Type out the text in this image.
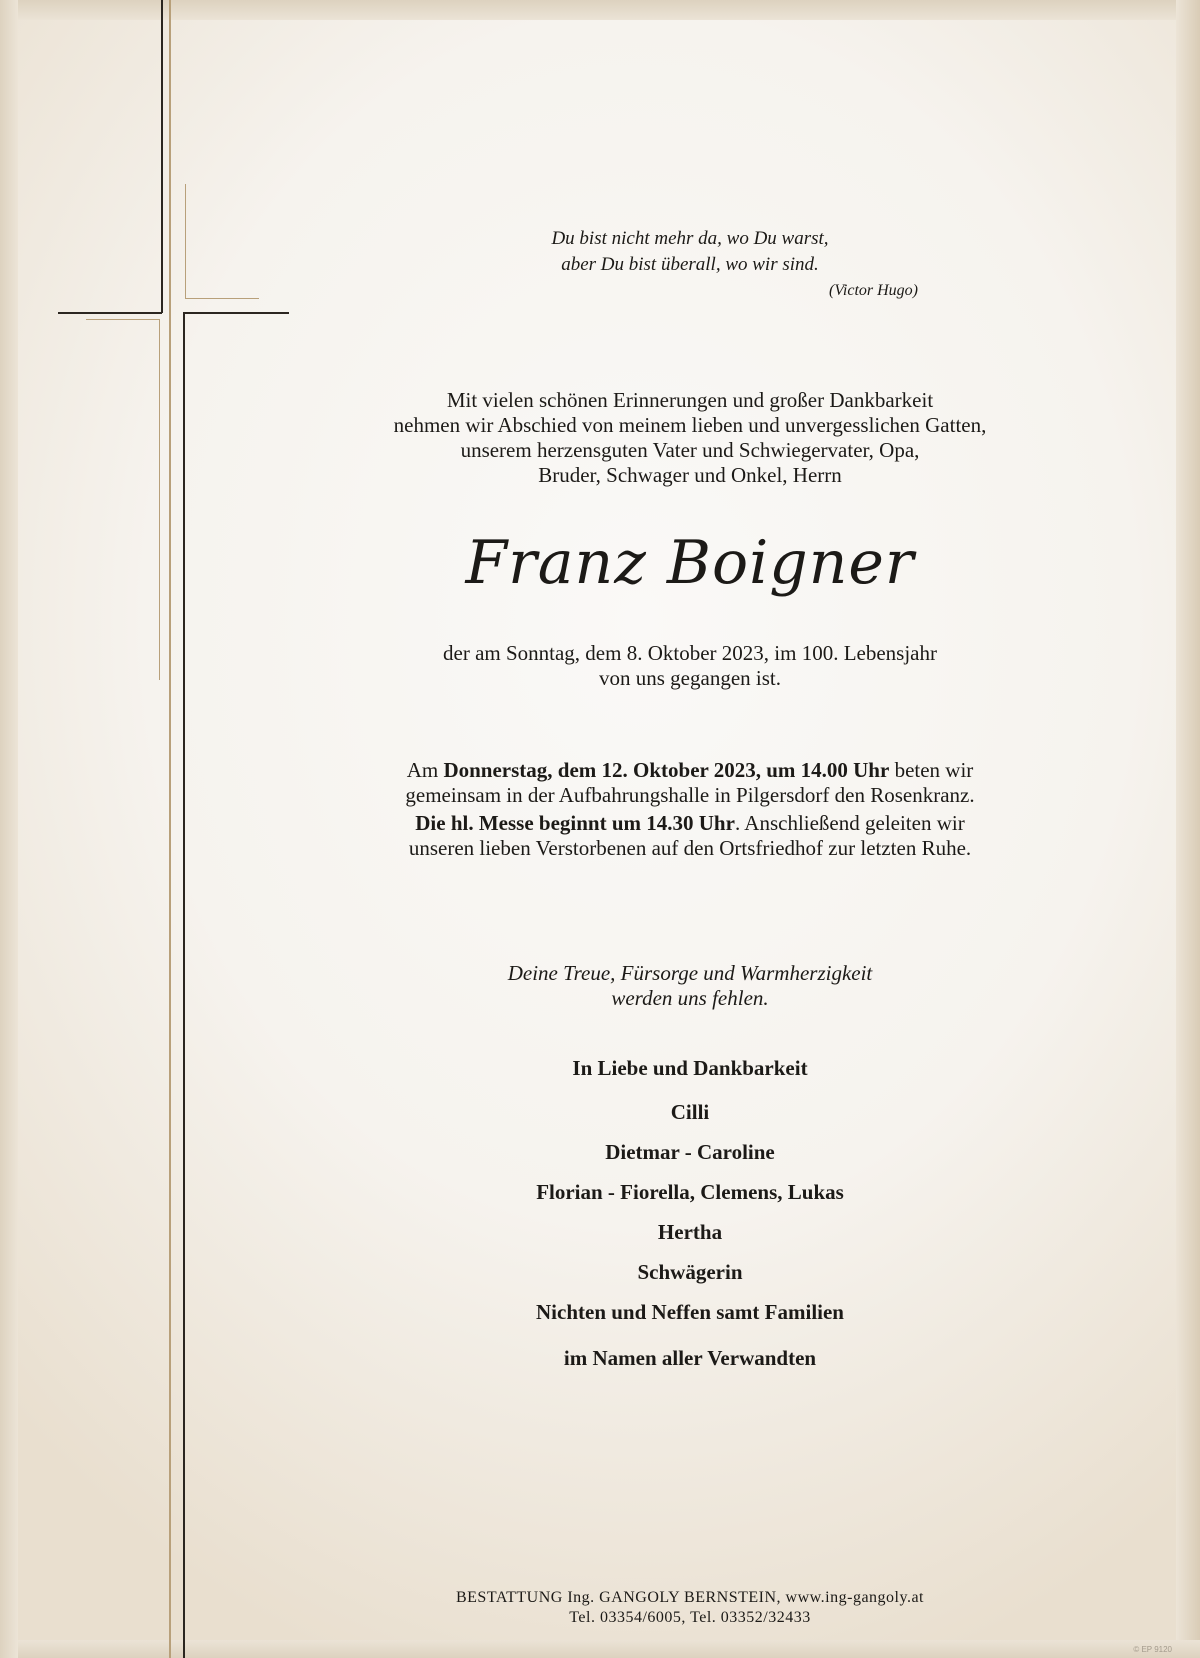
Du bist nicht mehr da, wo Du warst,
aber Du bist überall, wo wir sind.
(Victor Hugo)
Mit vielen schönen Erinnerungen und großer Dankbarkeit
nehmen wir Abschied von meinem lieben und unvergesslichen Gatten,
unserem herzensguten Vater und Schwiegervater, Opa,
Bruder, Schwager und Onkel, Herrn
Franz Boigner
der am Sonntag, dem 8. Oktober 2023, im 100. Lebensjahr
von uns gegangen ist.
Am Donnerstag, dem 12. Oktober 2023, um 14.00 Uhr beten wir
gemeinsam in der Aufbahrungshalle in Pilgersdorf den Rosenkranz.
Die hl. Messe beginnt um 14.30 Uhr. Anschließend geleiten wir
unseren lieben Verstorbenen auf den Ortsfriedhof zur letzten Ruhe.
Deine Treue, Fürsorge und Warmherzigkeit
werden uns fehlen.
In Liebe und Dankbarkeit
Cilli
Dietmar - Caroline
Florian - Fiorella, Clemens, Lukas
Hertha
Schwägerin
Nichten und Neffen samt Familien
im Namen aller Verwandten
BESTATTUNG Ing. GANGOLY BERNSTEIN, www.ing-gangoly.at
Tel. 03354/6005, Tel. 03352/32433
© EP 9120
